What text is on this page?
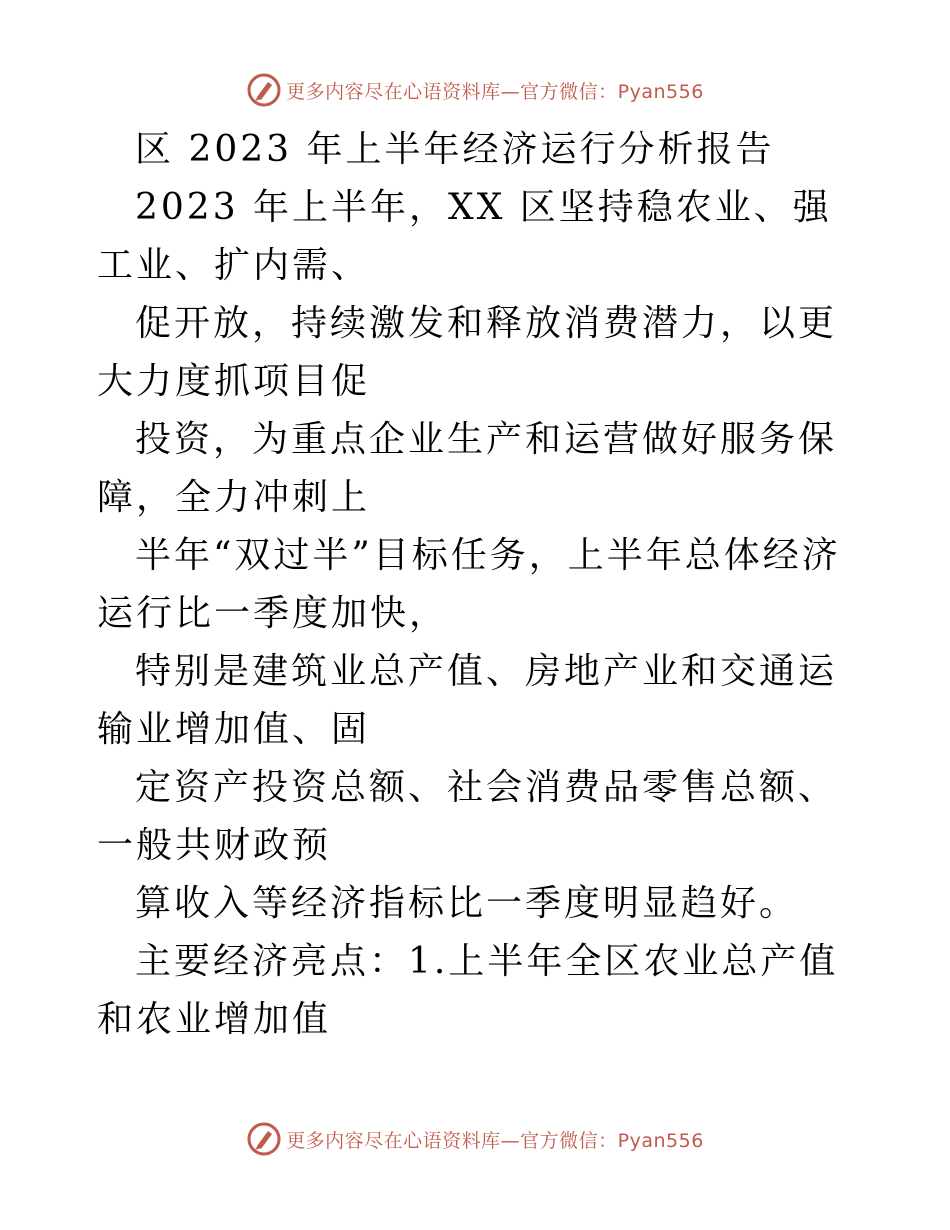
更多内容尽在心语资料库—官方微信：Pyan556

区 2023 年上半年经济运行分析报告

2023 年上半年，XX 区坚持稳农业、强工业、扩内需、

促开放，持续激发和释放消费潜力，以更大力度抓项目促

投资，为重点企业生产和运营做好服务保障，全力冲刺上

半年“双过半”目标任务，上半年总体经济运行比一季度加快，

特别是建筑业总产值、房地产业和交通运输业增加值、固

定资产投资总额、社会消费品零售总额、一般共财政预

算收入等经济指标比一季度明显趋好。

主要经济亮点：1.上半年全区农业总产值和农业增加值

更多内容尽在心语资料库—官方微信：Pyan556
